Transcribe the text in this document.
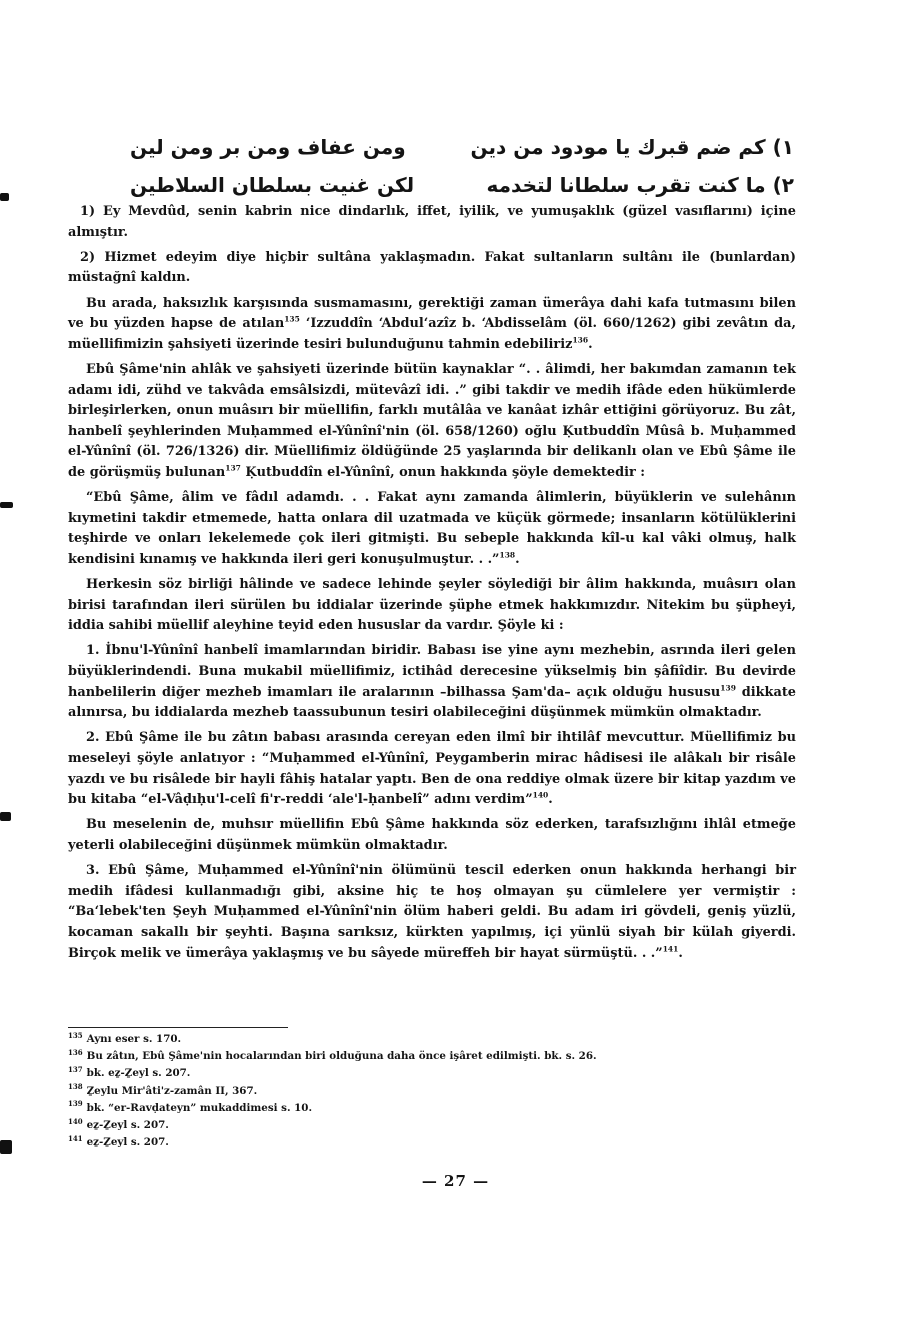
١) كم ضم قبرك يا مودود من دين
ومن عفاف ومن بر ومن لين
٢) ما كنت تقرب سلطانا لتخدمه
لكن غنيت بسلطان السلاطين

1) Ey Mevdûd, senin kabrin nice dindarlık, iffet, iyilik, ve yumuşaklık (güzel vasıflarını) içine almıştır.

2) Hizmet edeyim diye hiçbir sultâna yaklaşmadın. Fakat sultanların sultânı ile (bunlardan) müstağnî kaldın.

Bu arada, haksızlık karşısında susmamasını, gerektiği zaman ümerâya dahi kafa tutmasını bilen ve bu yüzden hapse de atılan$^{135}$ ‘Izzuddîn ‘Abdul‘azîz b. ‘Abdisselâm (öl. 660/1262) gibi zevâtın da, müellifimizin şahsiyeti üzerinde tesiri bulunduğunu tahmin edebiliriz$^{136}$.

Ebû Şâme'nin ahlâk ve şahsiyeti üzerinde bütün kaynaklar “. . âlimdi, her bakımdan zamanın tek adamı idi, zühd ve takvâda emsâlsizdi, mütevâzî idi. .” gibi takdir ve medih ifâde eden hükümlerde birleşirlerken, onun muâsırı bir müellifin, farklı mutâlâa ve kanâat izhâr ettiğini görüyoruz. Bu zât, hanbelî şeyhlerinden Muḥammed el-Yûnînî'nin (öl. 658/1260) oğlu Ḳutbuddîn Mûsâ b. Muḥammed el-Yûnînî (öl. 726/1326) dir. Müellifimiz öldüğünde 25 yaşlarında bir delikanlı olan ve Ebû Şâme ile de görüşmüş bulunan$^{137}$ Ḳutbuddîn el-Yûnînî, onun hakkında şöyle demektedir :

“Ebû Şâme, âlim ve fâdıl adamdı. . . Fakat aynı zamanda âlimlerin, büyüklerin ve sulehânın kıymetini takdir etmemede, hatta onlara dil uzatmada ve küçük görmede; insanların kötülüklerini teşhirde ve onları lekelemede çok ileri gitmişti. Bu sebeple hakkında kîl-u kal vâki olmuş, halk kendisini kınamış ve hakkında ileri geri konuşulmuştur. . .”$^{138}$.

Herkesin söz birliği hâlinde ve sadece lehinde şeyler söylediği bir âlim hakkında, muâsırı olan birisi tarafından ileri sürülen bu iddialar üzerinde şüphe etmek hakkımızdır. Nitekim bu şüpheyi, iddia sahibi müellif aleyhine teyid eden hususlar da vardır. Şöyle ki :

1. İbnu'l-Yûnînî hanbelî imamlarından biridir. Babası ise yine aynı mezhebin, asrında ileri gelen büyüklerindendi. Buna mukabil müellifimiz, ictihâd derecesine yükselmiş bin şâfiîdir. Bu devirde hanbelilerin diğer mezheb imamları ile aralarının –bilhassa Şam'da– açık olduğu hususu$^{139}$ dikkate alınırsa, bu iddialarda mezheb taassubunun tesiri olabileceğini düşünmek mümkün olmaktadır.

2. Ebû Şâme ile bu zâtın babası arasında cereyan eden ilmî bir ihtilâf mevcuttur. Müellifimiz bu meseleyi şöyle anlatıyor : “Muḥammed el-Yûnînî, Peygamberin mirac hâdisesi ile alâkalı bir risâle yazdı ve bu risâlede bir hayli fâhiş hatalar yaptı. Ben de ona reddiye olmak üzere bir kitap yazdım ve bu kitaba “el-Vâḍıḥu'l-celî fi'r-reddi ‘ale'l-ḥanbelî” adını verdim”$^{140}$.

Bu meselenin de, muhsır müellifin Ebû Şâme hakkında söz ederken, tarafsızlığını ihlâl etmeğe yeterli olabileceğini düşünmek mümkün olmaktadır.

3. Ebû Şâme, Muḥammed el-Yûnînî'nin ölümünü tescil ederken onun hakkında herhangi bir medih ifâdesi kullanmadığı gibi, aksine hiç te hoş olmayan şu cümlelere yer vermiştir : “Ba‘lebek'ten Şeyh Muḥammed el-Yûnînî'nin ölüm haberi geldi. Bu adam iri gövdeli, geniş yüzlü, kocaman sakallı bir şeyhti. Başına sarıksız, kürkten yapılmış, içi yünlü siyah bir külah giyerdi. Birçok melik ve ümerâya yaklaşmış ve bu sâyede müreffeh bir hayat sürmüştü. . .”$^{141}$.

$^{135}$ Aynı eser s. 170.
$^{136}$ Bu zâtın, Ebû Şâme'nin hocalarından biri olduğuna daha önce işâret edilmişti. bk. s. 26.
$^{137}$ bk. eẕ-Ẕeyl s. 207.
$^{138}$ Ẕeylu Mir'âti'z-zamân II, 367.
$^{139}$ bk. “er-Ravḍateyn” mukaddimesi s. 10.
$^{140}$ eẕ-Ẕeyl s. 207.
$^{141}$ eẕ-Ẕeyl s. 207.
— 27 —
